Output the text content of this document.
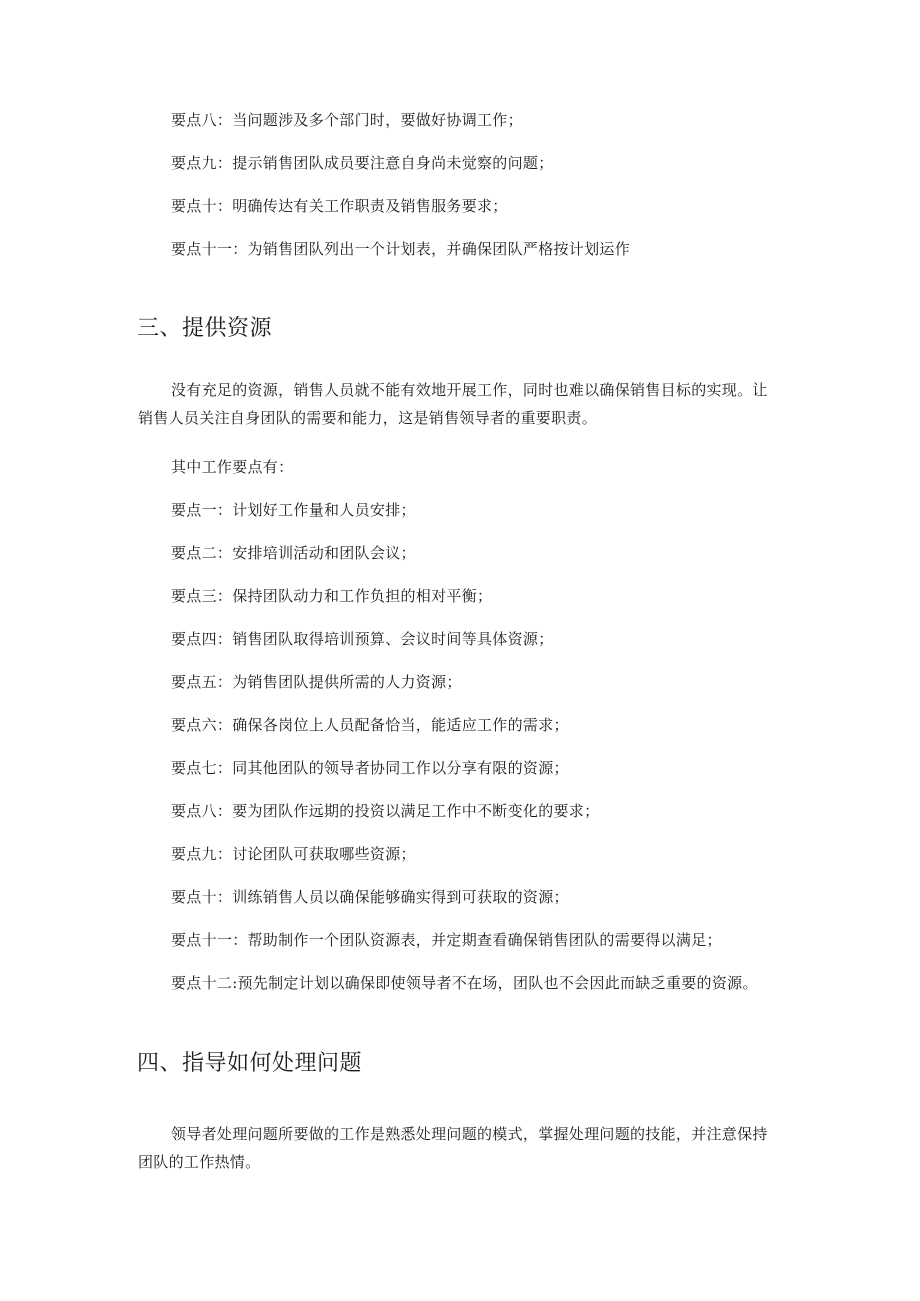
要点八：当问题涉及多个部门时，要做好协调工作；
要点九：提示销售团队成员要注意自身尚未觉察的问题；
要点十：明确传达有关工作职责及销售服务要求；
要点十一：为销售团队列出一个计划表，并确保团队严格按计划运作
三、提供资源
没有充足的资源，销售人员就不能有效地开展工作，同时也难以确保销售目标的实现。让销售人员关注自身团队的需要和能力，这是销售领导者的重要职责。
其中工作要点有：
要点一：计划好工作量和人员安排；
要点二：安排培训活动和团队会议；
要点三：保持团队动力和工作负担的相对平衡；
要点四：销售团队取得培训预算、会议时间等具体资源；
要点五：为销售团队提供所需的人力资源；
要点六：确保各岗位上人员配备恰当，能适应工作的需求；
要点七：同其他团队的领导者协同工作以分享有限的资源；
要点八：要为团队作远期的投资以满足工作中不断变化的要求；
要点九：讨论团队可获取哪些资源；
要点十：训练销售人员以确保能够确实得到可获取的资源；
要点十一：帮助制作一个团队资源表，并定期查看确保销售团队的需要得以满足；
要点十二:预先制定计划以确保即使领导者不在场，团队也不会因此而缺乏重要的资源。
四、指导如何处理问题
领导者处理问题所要做的工作是熟悉处理问题的模式，掌握处理问题的技能，并注意保持团队的工作热情。
